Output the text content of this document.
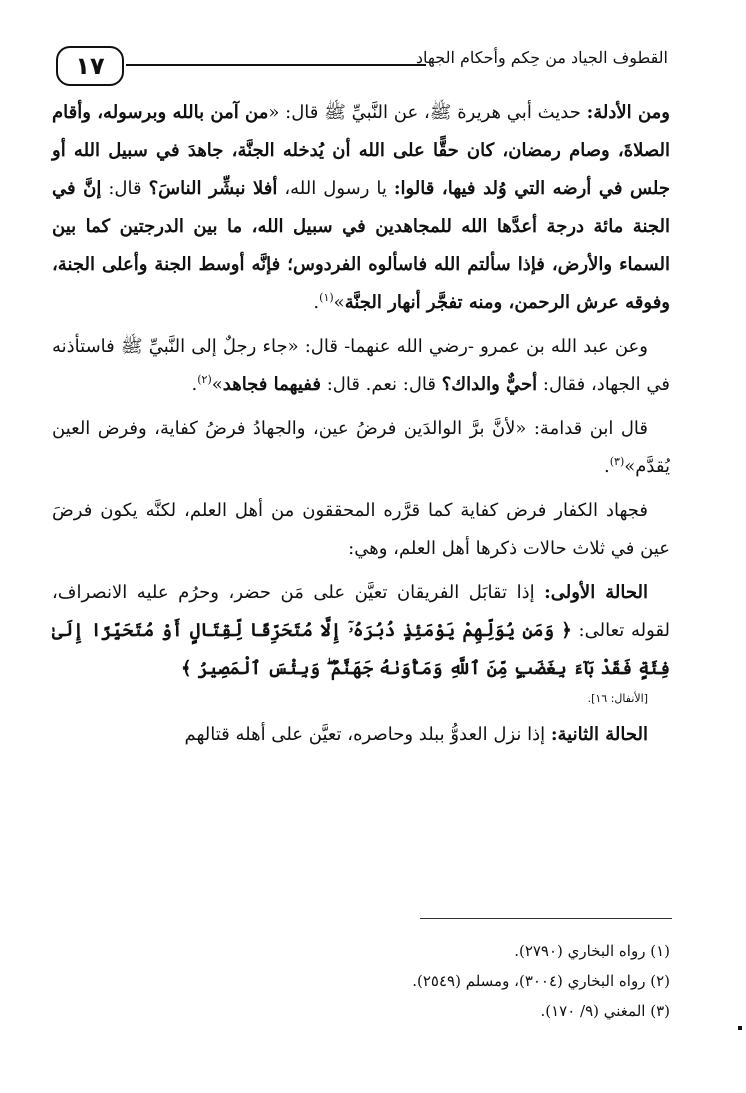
١٧	القطوف الجياد من حِكم وأحكام الجهاد

ومن الأدلة: حديث أبي هريرة ﷺ، عن النَّبيِّ ﷺ قال: «من آمن بالله وبرسوله، وأقام الصلاةَ، وصام رمضان، كان حقًّا على الله أن يُدخله الجنَّة، جاهدَ في سبيل الله أو جلس في أرضه التي وُلد فيها، قالوا: يا رسول الله، أفلا نبشِّر الناسَ؟ قال: إنَّ في الجنة مائة درجة أعدَّها الله للمجاهدين في سبيل الله، ما بين الدرجتين كما بين السماء والأرض، فإذا سألتم الله فاسألوه الفردوس؛ فإنَّه أوسط الجنة وأعلى الجنة، وفوقه عرش الرحمن، ومنه تفجَّر أنهار الجنَّة»$^{(١)}$.

وعن عبد الله بن عمرو -رضي الله عنهما- قال: «جاء رجلٌ إلى النَّبيِّ ﷺ فاستأذنه في الجهاد، فقال: أحيٌّ والداك؟ قال: نعم. قال: ففيهما فجاهد»$^{(٢)}$.

قال ابن قدامة: «لأنَّ برَّ الوالدَين فرضُ عين، والجهادُ فرضُ كفاية، وفرض العين يُقدَّم»$^{(٣)}$.

فجهاد الكفار فرض كفاية كما قرَّره المحققون من أهل العلم، لكنَّه يكون فرضَ عين في ثلاث حالات ذكرها أهل العلم، وهي:

الحالة الأولى: إذا تقابَل الفريقان تعيَّن على مَن حضر، وحرُم عليه الانصراف، لقوله تعالى: ﴿ وَمَن يُوَلِّهِمْ يَوْمَئِذٍ دُبُرَهُۥٓ إِلَّا مُتَحَرِّفًا لِّقِتَالٍ أَوْ مُتَحَيِّزًا إِلَىٰ فِئَةٍ فَقَدْ بَآءَ بِغَضَبٍ مِّنَ ٱللَّهِ وَمَأْوَىٰهُ جَهَنَّمُ ۖ وَبِئْسَ ٱلْمَصِيرُ ﴾
[الأنفال: ١٦].

الحالة الثانية: إذا نزل العدوُّ ببلد وحاصره، تعيَّن على أهله قتالهم

(١) رواه البخاري (٢٧٩٠).

(٢) رواه البخاري (٣٠٠٤)، ومسلم (٢٥٤٩).

(٣) المغني (٩/ ١٧٠).
